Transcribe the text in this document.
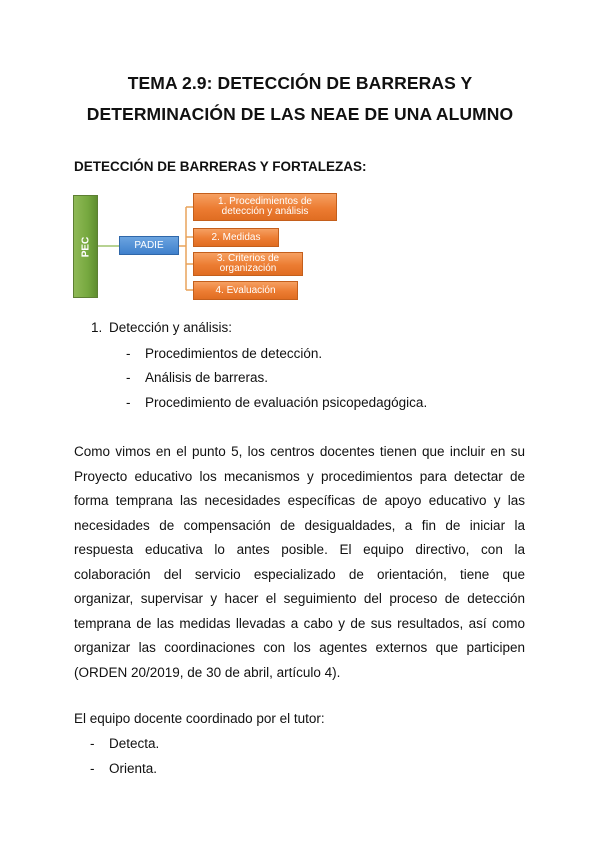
TEMA 2.9: DETECCIÓN DE BARRERAS Y
DETERMINACIÓN DE LAS NEAE DE UNA ALUMNO
DETECCIÓN DE BARRERAS Y FORTALEZAS:
PEC	PADIE
1. Procedimientos de detección y análisis
2. Medidas
3. Criterios de organización
4. Evaluación
1. Detección y análisis:
- Procedimientos de detección.
- Análisis de barreras.
- Procedimiento de evaluación psicopedagógica.
Como vimos en el punto 5, los centros docentes tienen que incluir en su
Proyecto educativo los mecanismos y procedimientos para detectar de
forma temprana las necesidades específicas de apoyo educativo y las
necesidades de compensación de desigualdades, a fin de iniciar la
respuesta educativa lo antes posible. El equipo directivo, con la
colaboración del servicio especializado de orientación, tiene que
organizar, supervisar y hacer el seguimiento del proceso de detección
temprana de las medidas llevadas a cabo y de sus resultados, así como
organizar las coordinaciones con los agentes externos que participen
(ORDEN 20/2019, de 30 de abril, artículo 4).
El equipo docente coordinado por el tutor:
- Detecta.
- Orienta.
